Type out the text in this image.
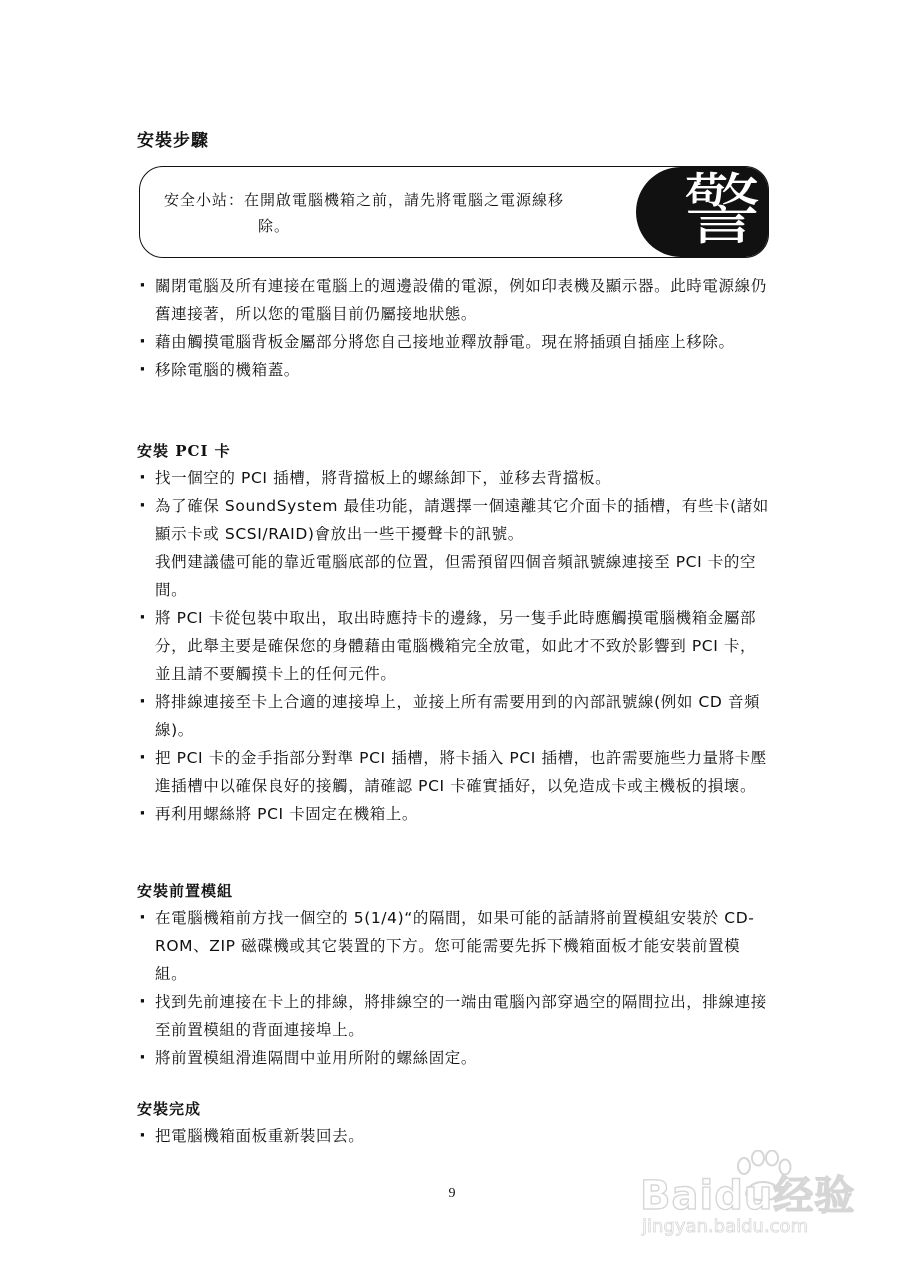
安裝步驟
安全小站：在開啟電腦機箱之前，請先將電腦之電源線移
除。	警
· 關閉電腦及所有連接在電腦上的週邊設備的電源，例如印表機及顯示器。此時電源線仍舊連接著，所以您的電腦目前仍屬接地狀態。
· 藉由觸摸電腦背板金屬部分將您自己接地並釋放靜電。現在將插頭自插座上移除。
· 移除電腦的機箱蓋。
安裝 PCI 卡
· 找一個空的 PCI 插槽，將背擋板上的螺絲卸下，並移去背擋板。
· 為了確保 SoundSystem 最佳功能，請選擇一個遠離其它介面卡的插槽，有些卡(諸如顯示卡或 SCSI/RAID)會放出一些干擾聲卡的訊號。
我們建議儘可能的靠近電腦底部的位置，但需預留四個音頻訊號線連接至 PCI 卡的空間。
· 將 PCI 卡從包裝中取出，取出時應持卡的邊緣，另一隻手此時應觸摸電腦機箱金屬部分，此舉主要是確保您的身體藉由電腦機箱完全放電，如此才不致於影響到 PCI 卡，並且請不要觸摸卡上的任何元件。
· 將排線連接至卡上合適的連接埠上，並接上所有需要用到的內部訊號線(例如 CD 音頻線)。
· 把 PCI 卡的金手指部分對準 PCI 插槽，將卡插入 PCI 插槽，也許需要施些力量將卡壓進插槽中以確保良好的接觸，請確認 PCI 卡確實插好，以免造成卡或主機板的損壞。
· 再利用螺絲將 PCI 卡固定在機箱上。
安裝前置模組
· 在電腦機箱前方找一個空的 5(1/4)“的隔間，如果可能的話請將前置模組安裝於 CD-ROM、ZIP 磁碟機或其它裝置的下方。您可能需要先拆下機箱面板才能安裝前置模組。
· 找到先前連接在卡上的排線，將排線空的一端由電腦內部穿過空的隔間拉出，排線連接至前置模組的背面連接埠上。
· 將前置模組滑進隔間中並用所附的螺絲固定。
安裝完成
· 把電腦機箱面板重新裝回去。
9	Baidu经验
jingyan.baidu.com
